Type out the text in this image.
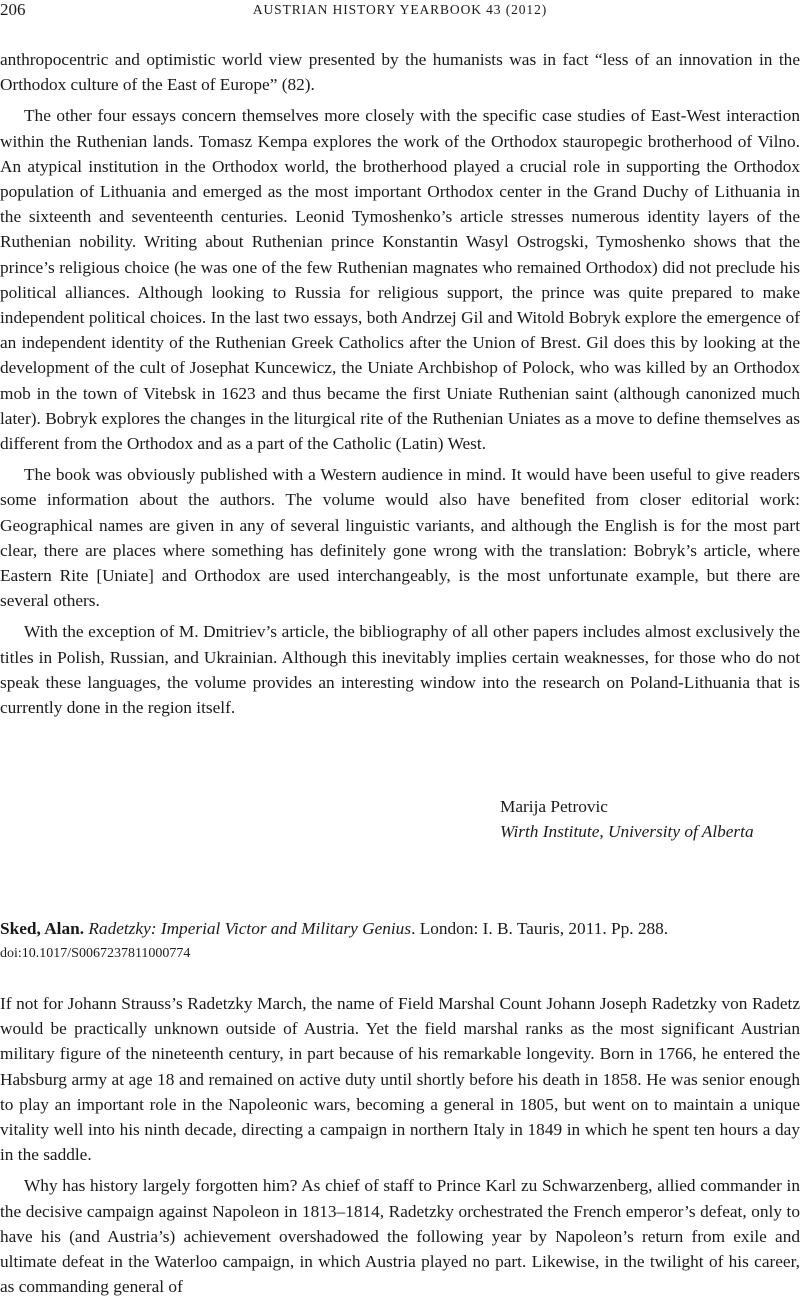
206	AUSTRIAN HISTORY YEARBOOK 43 (2012)

anthropocentric and optimistic world view presented by the humanists was in fact “less of an innovation in the Orthodox culture of the East of Europe” (82).

The other four essays concern themselves more closely with the specific case studies of East-West interaction within the Ruthenian lands. Tomasz Kempa explores the work of the Orthodox stauropegic brotherhood of Vilno. An atypical institution in the Orthodox world, the brotherhood played a crucial role in supporting the Orthodox population of Lithuania and emerged as the most important Orthodox center in the Grand Duchy of Lithuania in the sixteenth and seventeenth centuries. Leonid Tymoshenko’s article stresses numerous identity layers of the Ruthenian nobility. Writing about Ruthenian prince Konstantin Wasyl Ostrogski, Tymoshenko shows that the prince’s religious choice (he was one of the few Ruthenian magnates who remained Orthodox) did not preclude his political alliances. Although looking to Russia for religious support, the prince was quite prepared to make independent political choices. In the last two essays, both Andrzej Gil and Witold Bobryk explore the emergence of an independent identity of the Ruthenian Greek Catholics after the Union of Brest. Gil does this by looking at the development of the cult of Josephat Kuncewicz, the Uniate Archbishop of Polock, who was killed by an Orthodox mob in the town of Vitebsk in 1623 and thus became the first Uniate Ruthenian saint (although canonized much later). Bobryk explores the changes in the liturgical rite of the Ruthenian Uniates as a move to define themselves as different from the Orthodox and as a part of the Catholic (Latin) West.

The book was obviously published with a Western audience in mind. It would have been useful to give readers some information about the authors. The volume would also have benefited from closer editorial work: Geographical names are given in any of several linguistic variants, and although the English is for the most part clear, there are places where something has definitely gone wrong with the translation: Bobryk’s article, where Eastern Rite [Uniate] and Orthodox are used interchangeably, is the most unfortunate example, but there are several others.

With the exception of M. Dmitriev’s article, the bibliography of all other papers includes almost exclusively the titles in Polish, Russian, and Ukrainian. Although this inevitably implies certain weaknesses, for those who do not speak these languages, the volume provides an interesting window into the research on Poland-Lithuania that is currently done in the region itself.

Marija Petrovic
Wirth Institute, University of Alberta
Sked, Alan. Radetzky: Imperial Victor and Military Genius. London: I. B. Tauris, 2011. Pp. 288.
doi:10.1017/S0067237811000774

If not for Johann Strauss’s Radetzky March, the name of Field Marshal Count Johann Joseph Radetzky von Radetz would be practically unknown outside of Austria. Yet the field marshal ranks as the most significant Austrian military figure of the nineteenth century, in part because of his remarkable longevity. Born in 1766, he entered the Habsburg army at age 18 and remained on active duty until shortly before his death in 1858. He was senior enough to play an important role in the Napoleonic wars, becoming a general in 1805, but went on to maintain a unique vitality well into his ninth decade, directing a campaign in northern Italy in 1849 in which he spent ten hours a day in the saddle.

Why has history largely forgotten him? As chief of staff to Prince Karl zu Schwarzenberg, allied commander in the decisive campaign against Napoleon in 1813–1814, Radetzky orchestrated the French emperor’s defeat, only to have his (and Austria’s) achievement overshadowed the following year by Napoleon’s return from exile and ultimate defeat in the Waterloo campaign, in which Austria played no part. Likewise, in the twilight of his career, as commanding general of
